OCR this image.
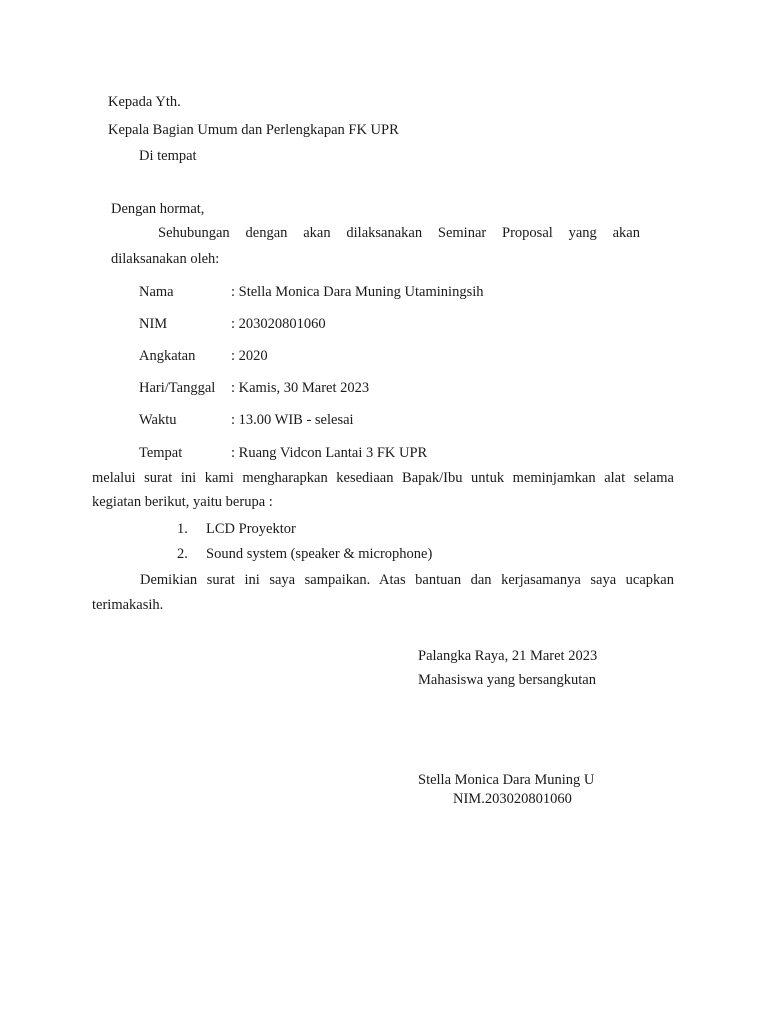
Kepada Yth.
Kepala Bagian Umum dan Perlengkapan FK UPR
Di tempat
Dengan hormat,
Sehubungan dengan akan dilaksanakan Seminar Proposal yang akan
dilaksanakan oleh:
Nama	: Stella Monica Dara Muning Utaminingsih
NIM	: 203020801060
Angkatan : 2020
Hari/Tanggal : Kamis, 30 Maret 2023
Waktu	: 13.00 WIB - selesai
Tempat	: Ruang Vidcon Lantai 3 FK UPR
melalui surat ini kami mengharapkan kesediaan Bapak/Ibu untuk meminjamkan alat selama
kegiatan berikut, yaitu berupa :
1. LCD Proyektor
2. Sound system (speaker & microphone)
Demikian surat ini saya sampaikan. Atas bantuan dan kerjasamanya saya ucapkan
terimakasih.
Palangka Raya, 21 Maret 2023
Mahasiswa yang bersangkutan
Stella Monica Dara Muning U
NIM.203020801060
